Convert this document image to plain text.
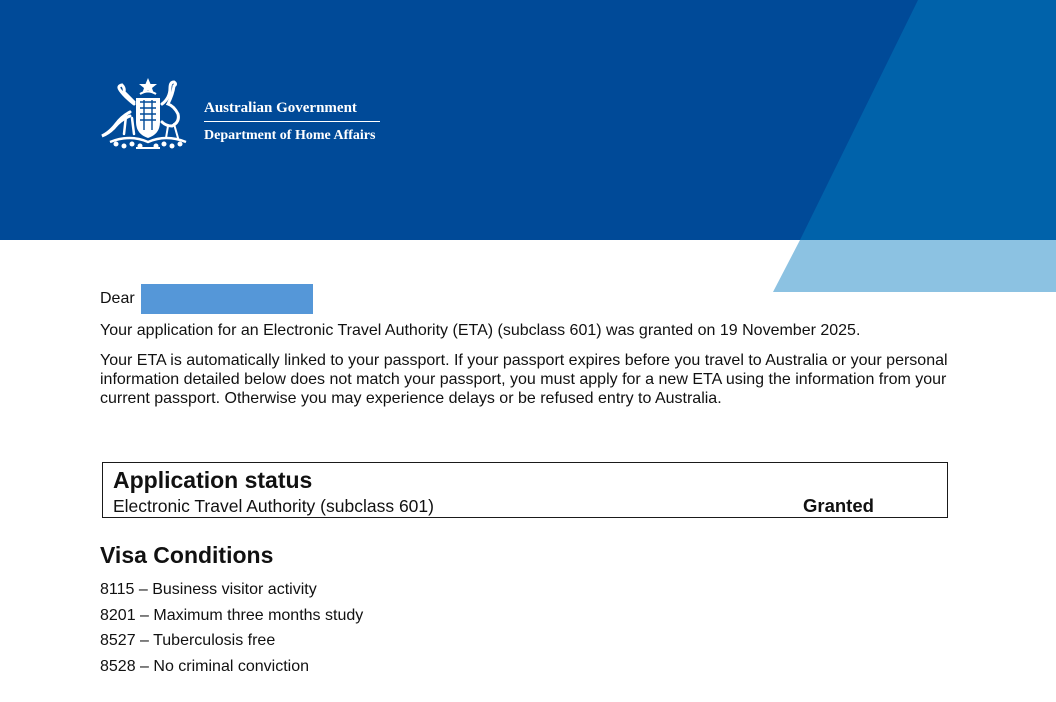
Australian Government
Department of Home Affairs
Dear
Your application for an Electronic Travel Authority (ETA) (subclass 601) was granted on 19 November 2025.
Your ETA is automatically linked to your passport. If your passport expires before you travel to Australia or your personal information detailed below does not match your passport, you must apply for a new ETA using the information from your current passport. Otherwise you may experience delays or be refused entry to Australia.
Application status
Electronic Travel Authority (subclass 601)	Granted
Visa Conditions
8115 – Business visitor activity
8201 – Maximum three months study
8527 – Tuberculosis free
8528 – No criminal conviction
